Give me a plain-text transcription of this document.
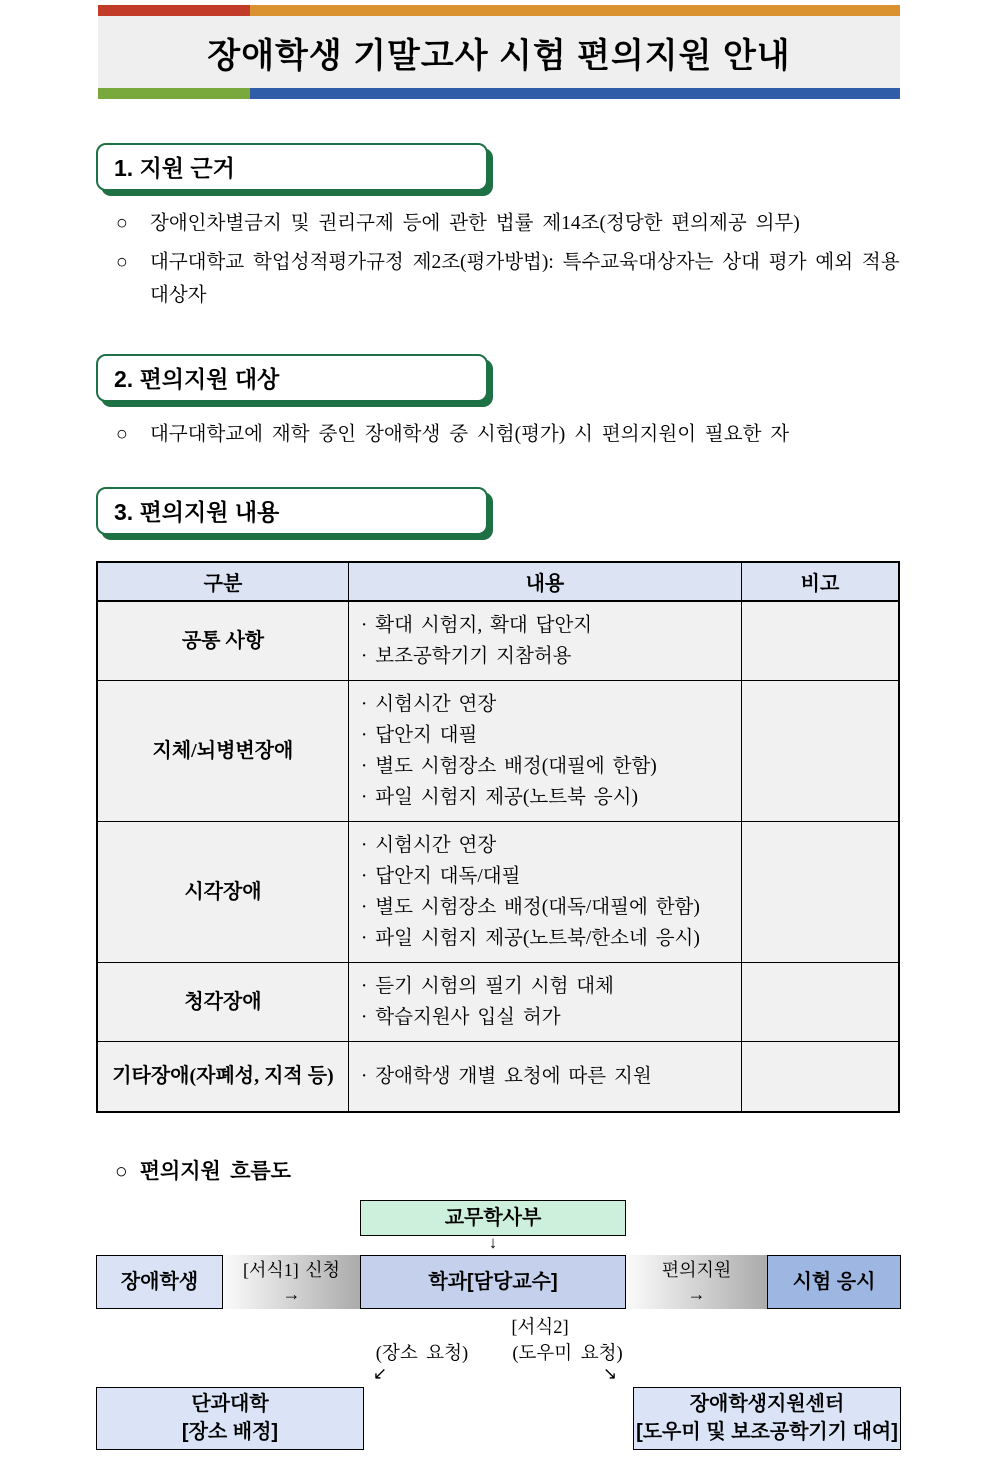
장애학생 기말고사 시험 편의지원 안내
1. 지원 근거
○ 장애인차별금지 및 권리구제 등에 관한 법률 제14조(정당한 편의제공 의무)
○ 대구대학교 학업성적평가규정 제2조(평가방법): 특수교육대상자는 상대 평가 예외 적용 대상자
2. 편의지원 대상
○ 대구대학교에 재학 중인 장애학생 중 시험(평가) 시 편의지원이 필요한 자
3. 편의지원 내용
구분	내용	비고
공통 사항	· 확대 시험지, 확대 답안지
· 보조공학기기 지참허용	

지체/뇌병변장애	· 시험시간 연장
· 답안지 대필
· 별도 시험장소 배정(대필에 한함)
· 파일 시험지 제공(노트북 응시)	

시각장애	· 시험시간 연장
· 답안지 대독/대필
· 별도 시험장소 배정(대독/대필에 한함)
· 파일 시험지 제공(노트북/한소네 응시)	

청각장애	· 듣기 시험의 필기 시험 대체
· 학습지원사 입실 허가	

기타장애(자폐성, 지적 등)	· 장애학생 개별 요청에 따른 지원	

○ 편의지원 흐름도
교무학사부
↓
장애학생
[서식1] 신청
→
학과[담당교수]
편의지원
→
시험 응시
[서식2]
(장소 요청)	(도우미 요청)
↙	↘
단과대학
[장소 배정]
장애학생지원센터
[도우미 및 보조공학기기 대여]
